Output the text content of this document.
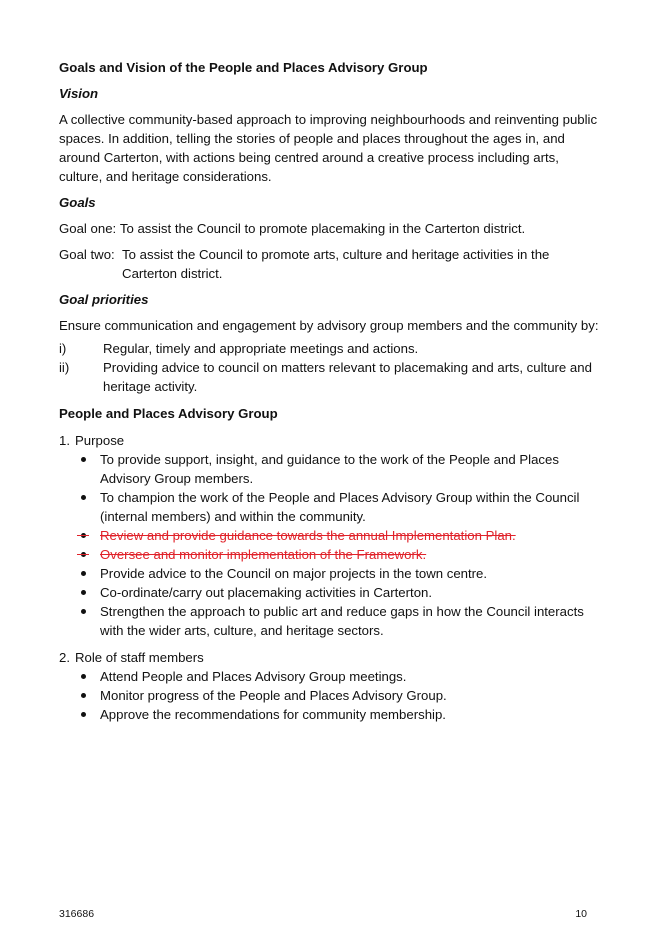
Goals and Vision of the People and Places Advisory Group
Vision

A collective community-based approach to improving neighbourhoods and reinventing public spaces. In addition, telling the stories of people and places throughout the ages in, and around Carterton, with actions being centred around a creative process including arts, culture, and heritage considerations.

Goals
Goal one:
To assist the Council to promote placemaking in the Carterton district.
Goal two:
To assist the Council to promote arts, culture and heritage activities in the Carterton district.
Goal priorities

Ensure communication and engagement by advisory group members and the community by:

i)	Regular, timely and appropriate meetings and actions.
ii)	Providing advice to council on matters relevant to placemaking and arts, culture and heritage activity.
People and Places Advisory Group
1. Purpose
To provide support, insight, and guidance to the work of the People and Places Advisory Group members.
To champion the work of the People and Places Advisory Group within the Council (internal members) and within the community.
Review and provide guidance towards the annual Implementation Plan.
Oversee and monitor implementation of the Framework.
Provide advice to the Council on major projects in the town centre.
Co-ordinate/carry out placemaking activities in Carterton.
Strengthen the approach to public art and reduce gaps in how the Council interacts with the wider arts, culture, and heritage sectors.
2. Role of staff members
Attend People and Places Advisory Group meetings.
Monitor progress of the People and Places Advisory Group.
Approve the recommendations for community membership.
316686	10
